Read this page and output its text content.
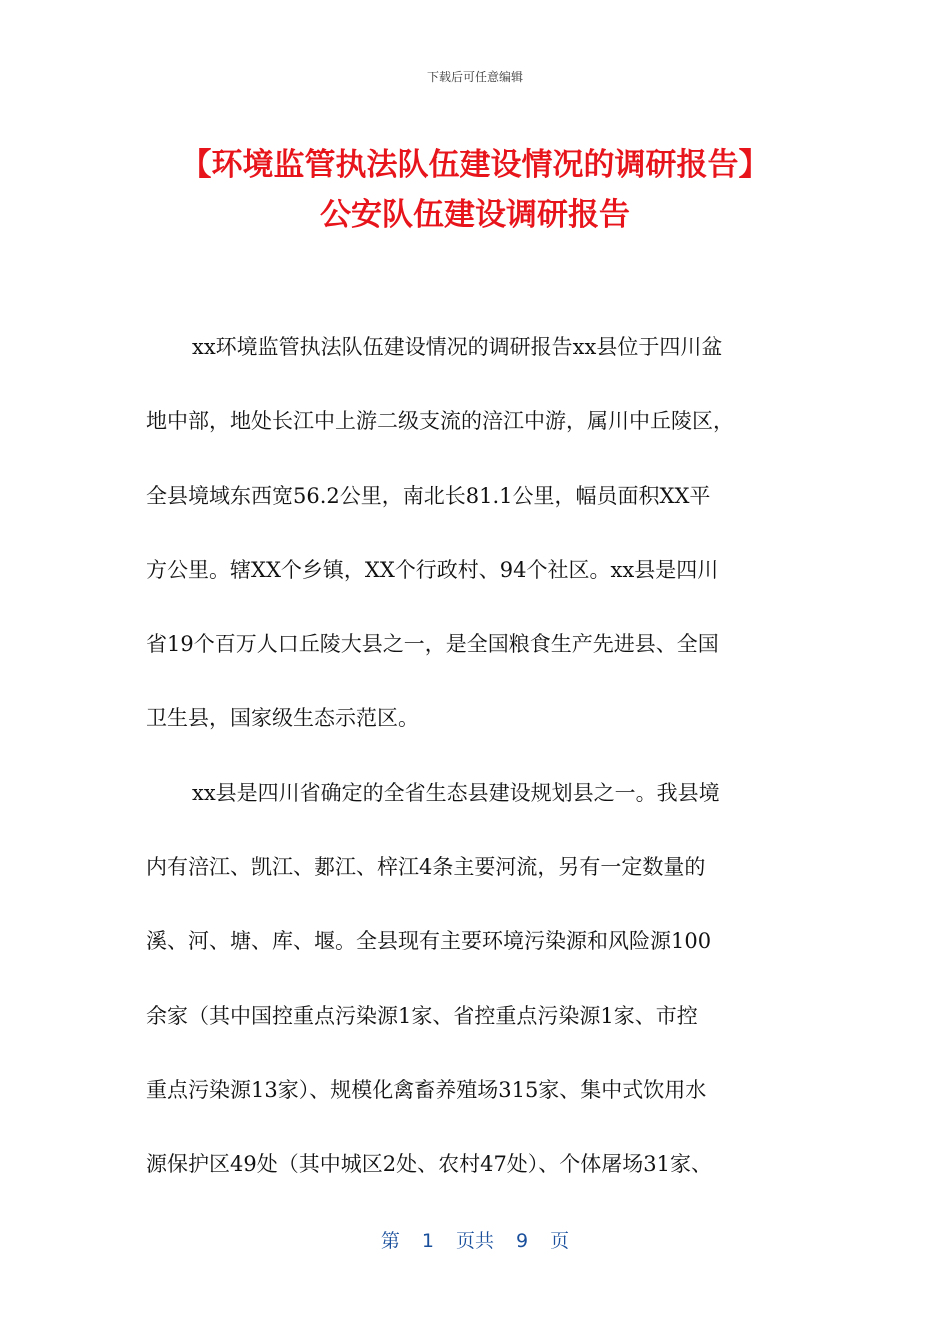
下载后可任意编辑
【环境监管执法队伍建设情况的调研报告】
公安队伍建设调研报告

xx环境监管执法队伍建设情况的调研报告xx县位于四川盆

地中部，地处长江中上游二级支流的涪江中游，属川中丘陵区，

全县境域东西宽56.2公里，南北长81.1公里，幅员面积XX平

方公里。辖XX个乡镇，XX个行政村、94个社区。xx县是四川

省19个百万人口丘陵大县之一，是全国粮食生产先进县、全国

卫生县，国家级生态示范区。

xx县是四川省确定的全省生态县建设规划县之一。我县境

内有涪江、凯江、郪江、梓江4条主要河流，另有一定数量的

溪、河、塘、库、堰。全县现有主要环境污染源和风险源100

余家（其中国控重点污染源1家、省控重点污染源1家、市控

重点污染源13家）、规模化禽畜养殖场315家、集中式饮用水

源保护区49处（其中城区2处、农村47处）、个体屠场31家、

第 1 页共 9 页
